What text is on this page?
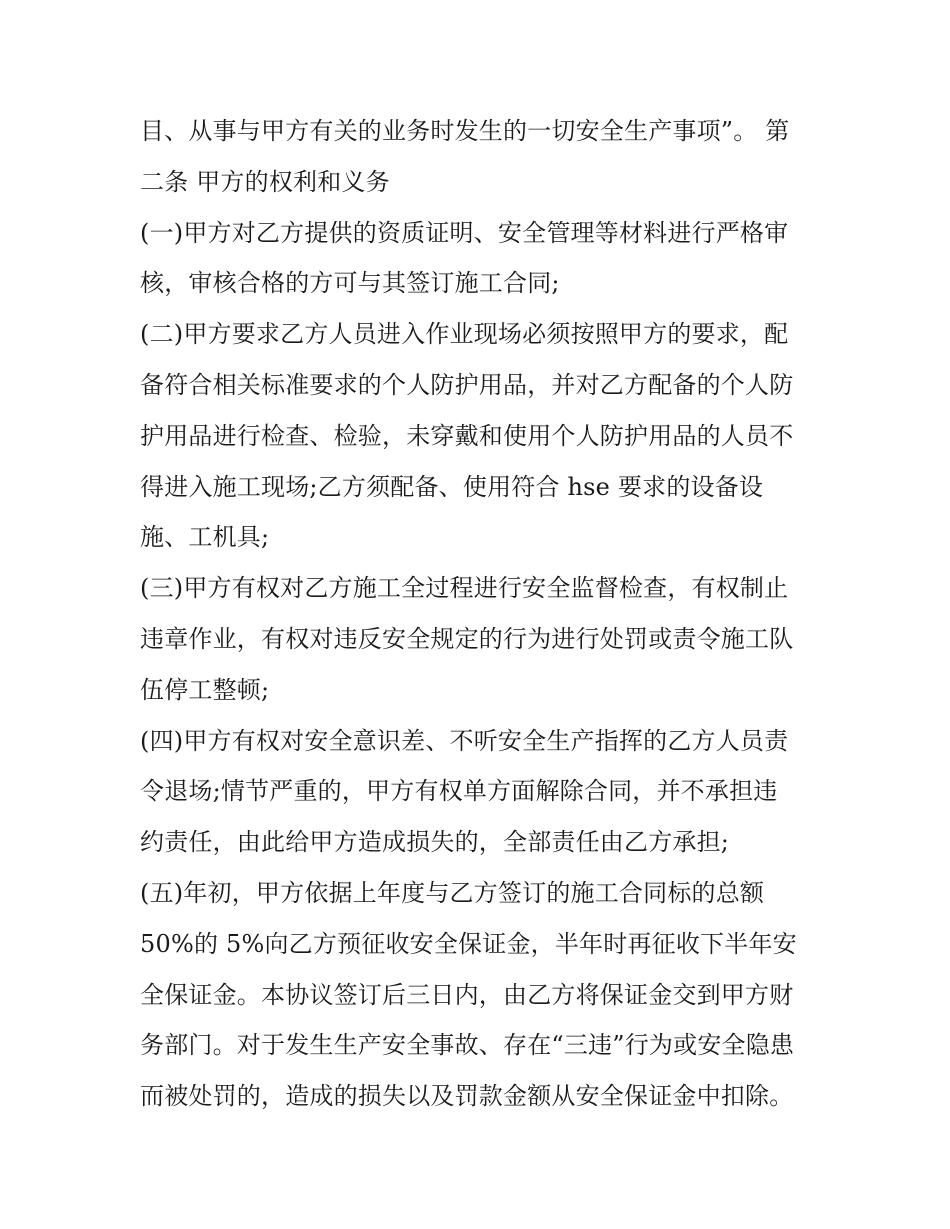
目、从事与甲方有关的业务时发生的一切安全生产事项”。 第
二条 甲方的权利和义务
(一)甲方对乙方提供的资质证明、安全管理等材料进行严格审
核，审核合格的方可与其签订施工合同;
(二)甲方要求乙方人员进入作业现场必须按照甲方的要求，配
备符合相关标准要求的个人防护用品，并对乙方配备的个人防
护用品进行检查、检验，未穿戴和使用个人防护用品的人员不
得进入施工现场;乙方须配备、使用符合 hse 要求的设备设
施、工机具;
(三)甲方有权对乙方施工全过程进行安全监督检查，有权制止
违章作业，有权对违反安全规定的行为进行处罚或责令施工队
伍停工整顿;
(四)甲方有权对安全意识差、不听安全生产指挥的乙方人员责
令退场;情节严重的，甲方有权单方面解除合同，并不承担违
约责任，由此给甲方造成损失的，全部责任由乙方承担;
(五)年初，甲方依据上年度与乙方签订的施工合同标的总额
50%的 5%向乙方预征收安全保证金，半年时再征收下半年安
全保证金。本协议签订后三日内，由乙方将保证金交到甲方财
务部门。对于发生生产安全事故、存在“三违”行为或安全隐患
而被处罚的，造成的损失以及罚款金额从安全保证金中扣除。
